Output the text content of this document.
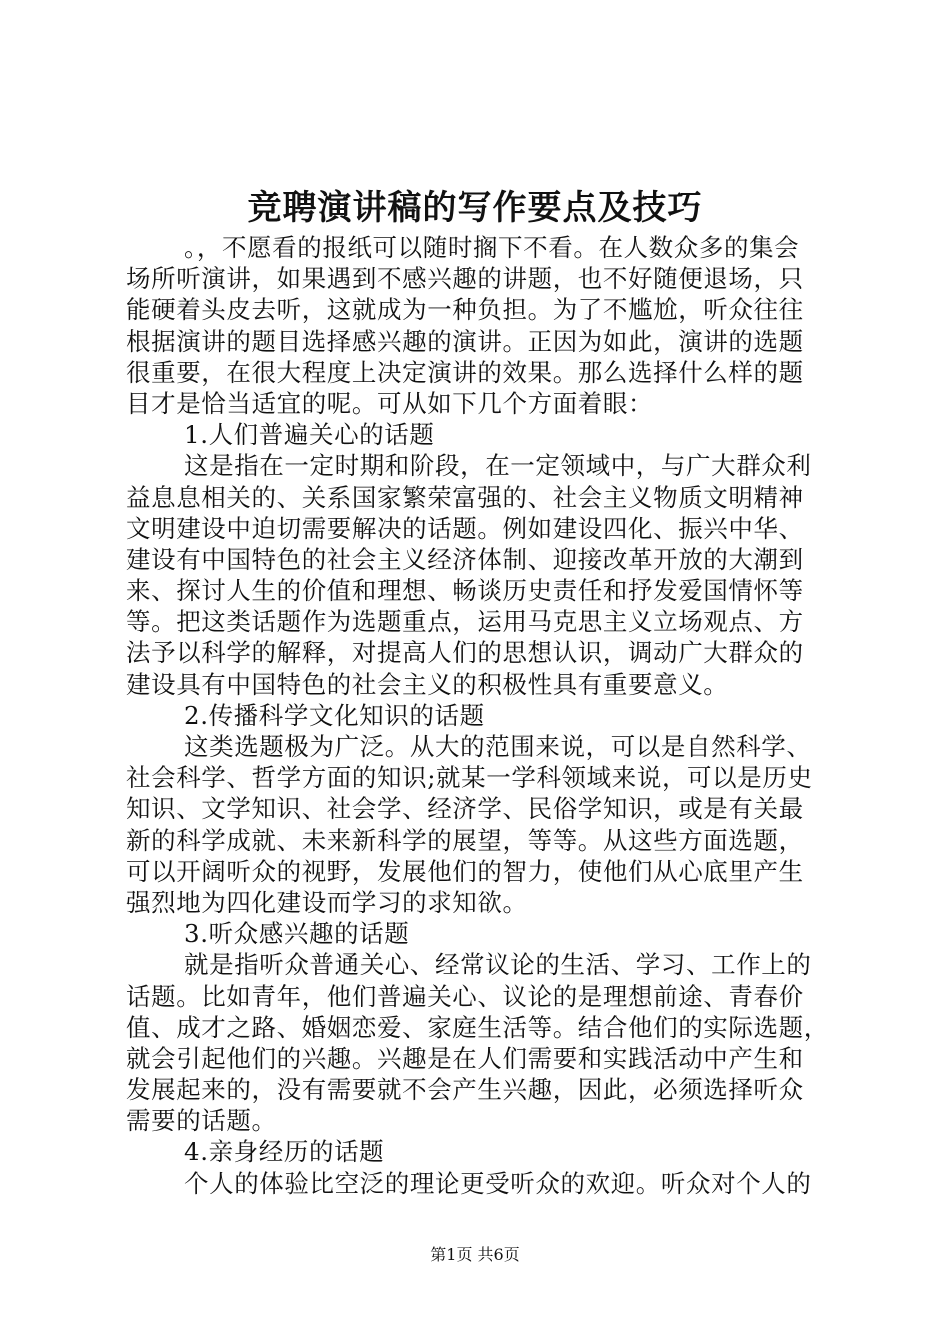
竞聘演讲稿的写作要点及技巧
。，不愿看的报纸可以随时搁下不看。在人数众多的集会
场所听演讲，如果遇到不感兴趣的讲题，也不好随便退场，只
能硬着头皮去听，这就成为一种负担。为了不尴尬，听众往往
根据演讲的题目选择感兴趣的演讲。正因为如此，演讲的选题
很重要，在很大程度上决定演讲的效果。那么选择什么样的题
目才是恰当适宜的呢。可从如下几个方面着眼：
1.人们普遍关心的话题
这是指在一定时期和阶段，在一定领域中，与广大群众利
益息息相关的、关系国家繁荣富强的、社会主义物质文明精神
文明建设中迫切需要解决的话题。例如建设四化、振兴中华、
建设有中国特色的社会主义经济体制、迎接改革开放的大潮到
来、探讨人生的价值和理想、畅谈历史责任和抒发爱国情怀等
等。把这类话题作为选题重点，运用马克思主义立场观点、方
法予以科学的解释，对提高人们的思想认识，调动广大群众的
建设具有中国特色的社会主义的积极性具有重要意义。
2.传播科学文化知识的话题
这类选题极为广泛。从大的范围来说，可以是自然科学、
社会科学、哲学方面的知识;就某一学科领域来说，可以是历史
知识、文学知识、社会学、经济学、民俗学知识，或是有关最
新的科学成就、未来新科学的展望，等等。从这些方面选题，
可以开阔听众的视野，发展他们的智力，使他们从心底里产生
强烈地为四化建设而学习的求知欲。
3.听众感兴趣的话题
就是指听众普通关心、经常议论的生活、学习、工作上的
话题。比如青年，他们普遍关心、议论的是理想前途、青春价
值、成才之路、婚姻恋爱、家庭生活等。结合他们的实际选题，
就会引起他们的兴趣。兴趣是在人们需要和实践活动中产生和
发展起来的，没有需要就不会产生兴趣，因此，必须选择听众
需要的话题。
4.亲身经历的话题
个人的体验比空泛的理论更受听众的欢迎。听众对个人的
第1页 共6页
